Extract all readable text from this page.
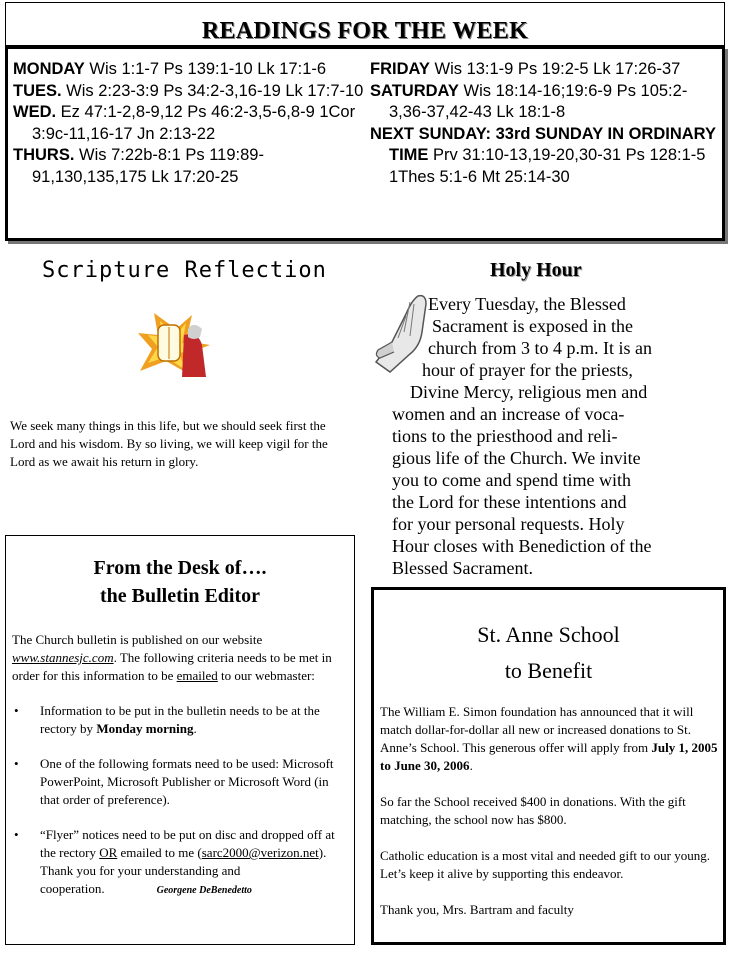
READINGS FOR THE WEEK
MONDAY Wis 1:1-7 Ps 139:1-10 Lk 17:1-6
TUES. Wis 2:23-3:9 Ps 34:2-3,16-19 Lk 17:7-10
WED. Ez 47:1-2,8-9,12 Ps 46:2-3,5-6,8-9 1Cor 3:9c-11,16-17 Jn 2:13-22
THURS. Wis 7:22b-8:1 Ps 119:89-91,130,135,175 Lk 17:20-25
FRIDAY Wis 13:1-9 Ps 19:2-5 Lk 17:26-37
SATURDAY Wis 18:14-16;19:6-9 Ps 105:2-3,36-37,42-43 Lk 18:1-8
NEXT SUNDAY: 33rd SUNDAY IN ORDINARY TIME Prv 31:10-13,19-20,30-31 Ps 128:1-5 1Thes 5:1-6 Mt 25:14-30
Scripture Reflection
We seek many things in this life, but we should seek first the Lord and his wisdom. By so living, we will keep vigil for the Lord as we await his return in glory.
Holy Hour
Every Tuesday, the Blessed
Sacrament is exposed in the
church from 3 to 4 p.m. It is an
hour of prayer for the priests,
Divine Mercy, religious men and
women and an increase of voca-
tions to the priesthood and reli-
gious life of the Church. We invite
you to come and spend time with
the Lord for these intentions and
for your personal requests. Holy
Hour closes with Benediction of the
Blessed Sacrament.
From the Desk of….
the Bulletin Editor
The Church bulletin is published on our website www.stannesjc.com. The following criteria needs to be met in order for this information to be emailed to our webmaster:
• Information to be put in the bulletin needs to be at the rectory by Monday morning.
• One of the following formats need to be used: Microsoft PowerPoint, Microsoft Publisher or Microsoft Word (in that order of preference).
• “Flyer” notices need to be put on disc and dropped off at the rectory OR emailed to me (sarc2000@verizon.net).
Thank you for your understanding and cooperation.	Georgene DeBenedetto
St. Anne School
to Benefit
The William E. Simon foundation has announced that it will match dollar-for-dollar all new or increased donations to St. Anne’s School. This generous offer will apply from July 1, 2005 to June 30, 2006.
So far the School received $400 in donations. With the gift matching, the school now has $800.
Catholic education is a most vital and needed gift to our young. Let’s keep it alive by supporting this endeavor.
Thank you, Mrs. Bartram and faculty
